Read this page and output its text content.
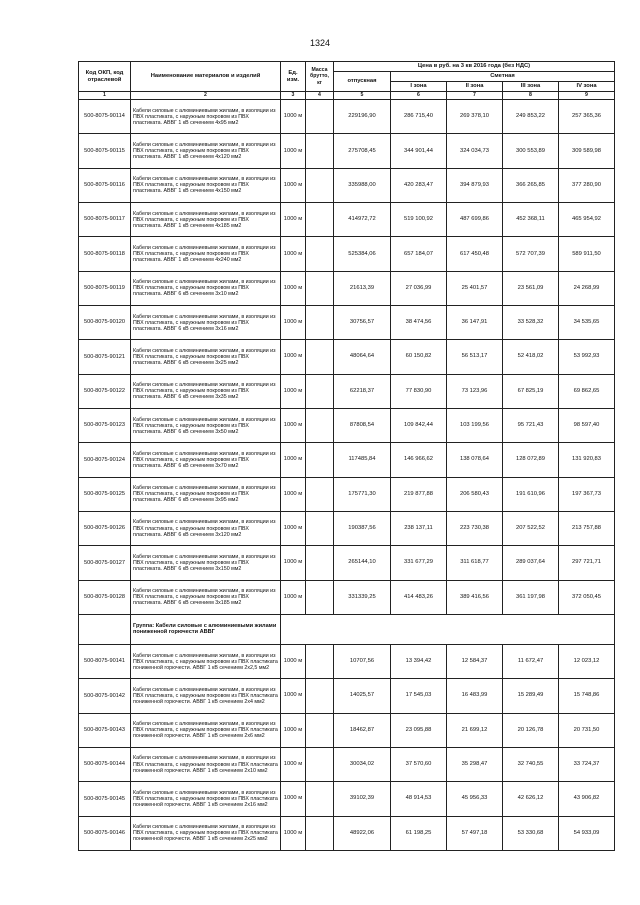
1324
Код ОКП, код отраслевой	Наименование материалов и изделий	Ед. изм.	Масса брутто, кг	Цена в руб. на 3 кв 2016 года (без НДС)				
				отпускная	Сметная			
					I зона	II зона	III зона	IV зона
1	2	3	4	5	6	7	8	9
500-8075-90114	Кабели силовые с алюминиевыми жилами, в изоляции из ПВХ пластиката, с наружным покровом из ПВХ пластиката. АВВГ 1 кВ сечением 4х95 мм2	1000 м		229196,90	286 715,40	269 378,10	249 853,22	257 365,36
500-8075-90115	Кабели силовые с алюминиевыми жилами, в изоляции из ПВХ пластиката, с наружным покровом из ПВХ пластиката. АВВГ 1 кВ сечением 4х120 мм2	1000 м		275708,45	344 901,44	324 034,73	300 553,89	309 589,98
500-8075-90116	Кабели силовые с алюминиевыми жилами, в изоляции из ПВХ пластиката, с наружным покровом из ПВХ пластиката. АВВГ 1 кВ сечением 4х150 мм2	1000 м		335988,00	420 283,47	394 879,93	366 265,85	377 280,90
500-8075-90117	Кабели силовые с алюминиевыми жилами, в изоляции из ПВХ пластиката, с наружным покровом из ПВХ пластиката. АВВГ 1 кВ сечением 4х185 мм2	1000 м		414972,72	519 100,92	487 699,86	452 368,11	465 954,92
500-8075-90118	Кабели силовые с алюминиевыми жилами, в изоляции из ПВХ пластиката, с наружным покровом из ПВХ пластиката. АВВГ 1 кВ сечением 4х240 мм2	1000 м		525384,06	657 184,07	617 450,48	572 707,39	589 911,50
500-8075-90119	Кабели силовые с алюминиевыми жилами, в изоляции из ПВХ пластиката, с наружным покровом из ПВХ пластиката. АВВГ 6 кВ сечением 3х10 мм2	1000 м		21613,39	27 036,99	25 401,57	23 561,09	24 268,99
500-8075-90120	Кабели силовые с алюминиевыми жилами, в изоляции из ПВХ пластиката, с наружным покровом из ПВХ пластиката. АВВГ 6 кВ сечением 3х16 мм2	1000 м		30756,57	38 474,56	36 147,91	33 528,32	34 535,65
500-8075-90121	Кабели силовые с алюминиевыми жилами, в изоляции из ПВХ пластиката, с наружным покровом из ПВХ пластиката. АВВГ 6 кВ сечением 3х25 мм2	1000 м		48064,64	60 150,82	56 513,17	52 418,02	53 992,93
500-8075-90122	Кабели силовые с алюминиевыми жилами, в изоляции из ПВХ пластиката, с наружным покровом из ПВХ пластиката. АВВГ 6 кВ сечением 3х35 мм2	1000 м		62218,37	77 830,90	73 123,96	67 825,19	69 862,65
500-8075-90123	Кабели силовые с алюминиевыми жилами, в изоляции из ПВХ пластиката, с наружным покровом из ПВХ пластиката. АВВГ 6 кВ сечением 3х50 мм2	1000 м		87808,54	109 842,44	103 199,56	95 721,43	98 597,40
500-8075-90124	Кабели силовые с алюминиевыми жилами, в изоляции из ПВХ пластиката, с наружным покровом из ПВХ пластиката. АВВГ 6 кВ сечением 3х70 мм2	1000 м		117485,84	146 966,62	138 078,64	128 072,89	131 920,83
500-8075-90125	Кабели силовые с алюминиевыми жилами, в изоляции из ПВХ пластиката, с наружным покровом из ПВХ пластиката. АВВГ 6 кВ сечением 3х95 мм2	1000 м		175771,30	219 877,88	206 580,43	191 610,96	197 367,73
500-8075-90126	Кабели силовые с алюминиевыми жилами, в изоляции из ПВХ пластиката, с наружным покровом из ПВХ пластиката. АВВГ 6 кВ сечением 3х120 мм2	1000 м		190387,56	238 137,11	223 730,38	207 522,52	213 757,88
500-8075-90127	Кабели силовые с алюминиевыми жилами, в изоляции из ПВХ пластиката, с наружным покровом из ПВХ пластиката. АВВГ 6 кВ сечением 3х150 мм2	1000 м		265144,10	331 677,29	311 618,77	289 037,64	297 721,71
500-8075-90128	Кабели силовые с алюминиевыми жилами, в изоляции из ПВХ пластиката, с наружным покровом из ПВХ пластиката. АВВГ 6 кВ сечением 3х185 мм2	1000 м		331339,25	414 483,26	389 416,56	361 197,98	372 050,45
	Группа: Кабели силовые с алюминиевыми жилами пониженной горючести АВВГ							
500-8075-90141	Кабели силовые с алюминиевыми жилами, в изоляции из ПВХ пластиката, с наружным покровом из ПВХ пластиката пониженной горючести. АВВГ 1 кВ сечением 2х2,5 мм2	1000 м		10707,56	13 394,42	12 584,37	11 672,47	12 023,12
500-8075-90142	Кабели силовые с алюминиевыми жилами, в изоляции из ПВХ пластиката, с наружным покровом из ПВХ пластиката пониженной горючести. АВВГ 1 кВ сечением 2х4 мм2	1000 м		14025,57	17 545,03	16 483,99	15 289,49	15 748,86
500-8075-90143	Кабели силовые с алюминиевыми жилами, в изоляции из ПВХ пластиката, с наружным покровом из ПВХ пластиката пониженной горючести. АВВГ 1 кВ сечением 2х6 мм2	1000 м		18462,87	23 095,88	21 699,12	20 126,78	20 731,50
500-8075-90144	Кабели силовые с алюминиевыми жилами, в изоляции из ПВХ пластиката, с наружным покровом из ПВХ пластиката пониженной горючести. АВВГ 1 кВ сечением 2х10 мм2	1000 м		30034,02	37 570,60	35 298,47	32 740,55	33 724,37
500-8075-90145	Кабели силовые с алюминиевыми жилами, в изоляции из ПВХ пластиката, с наружным покровом из ПВХ пластиката пониженной горючести. АВВГ 1 кВ сечением 2х16 мм2	1000 м		39102,39	48 914,53	45 956,33	42 626,12	43 906,82
500-8075-90146	Кабели силовые с алюминиевыми жилами, в изоляции из ПВХ пластиката, с наружным покровом из ПВХ пластиката пониженной горючести. АВВГ 1 кВ сечением 2х25 мм2	1000 м		48922,06	61 198,25	57 497,18	53 330,68	54 933,09
